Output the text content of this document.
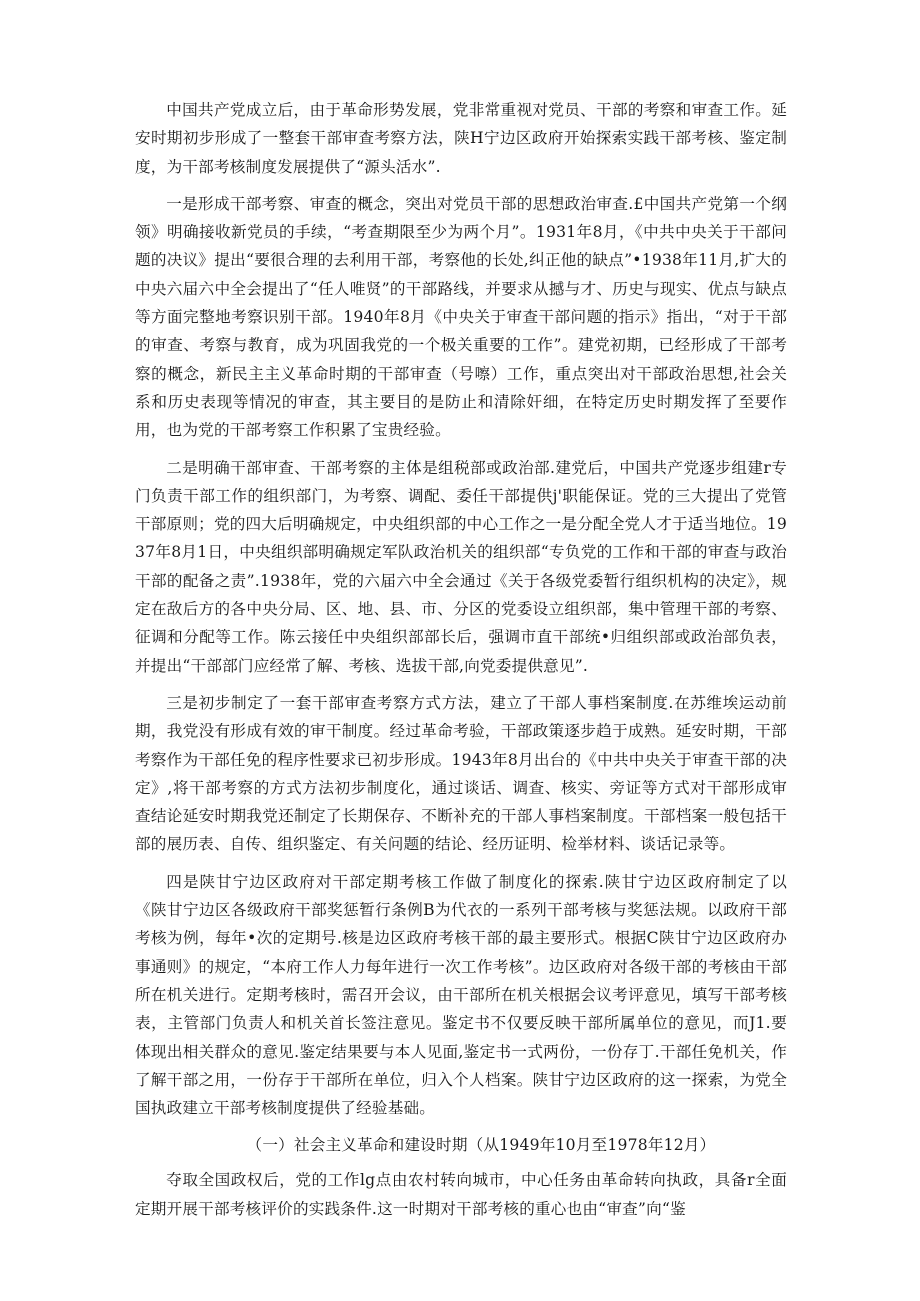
中国共产党成立后，由于革命形势发展，党非常重视对党员、干部的考察和审查工作。延安时期初步形成了一整套干部审查考察方法，陕H宁边区政府开始探索实践干部考核、鉴定制度，为干部考核制度发展提供了“源头活水”.

一是形成干部考察、审查的概念，突出对党员干部的思想政治审查.£中国共产党第一个纲领》明确接收新党员的手续，“考查期限至少为两个月”。1931年8月，《中共中央关于干部问题的决议》提出“要很合理的去利用干部，考察他的长处,纠正他的缺点”•1938年11月,扩大的中央六届六中全会提出了“任人唯贤”的干部路线，并要求从撼与才、历史与现实、优点与缺点等方面完整地考察识别干部。1940年8月《中央关于审查干部问题的指示》指出，“对于干部的审查、考察与教育，成为巩固我党的一个极关重要的工作”。建党初期，已经形成了干部考察的概念，新民主主义革命时期的干部审查（号嚓）工作，重点突出对干部政治思想,社会关系和历史表现等情况的审查，其主要目的是防止和清除奸细，在特定历史时期发挥了至要作用，也为党的干部考察工作积累了宝贵经验。

二是明确干部审查、干部考察的主体是组税部或政治部.建党后，中国共产党逐步组建r专门负责干部工作的组织部门，为考察、调配、委任干部提供j'职能保证。党的三大提出了党管干部原则；党的四大后明确规定，中央组织部的中心工作之一是分配全党人才于适当地位。1937年8月1日，中央组织部明确规定军队政治机关的组织部“专负党的工作和干部的审查与政治干部的配备之责”.1938年，党的六届六中全会通过《关于各级党委暂行组织机构的决定》，规定在敌后方的各中央分局、区、地、县、市、分区的党委设立组织部，集中管理干部的考察、征调和分配等工作。陈云接任中央组织部部长后，强调市直干部统•归组织部或政治部负表，并提出“干部部门应经常了解、考核、选拔干部,向党委提供意见”.

三是初步制定了一套干部审查考察方式方法，建立了干部人事档案制度.在苏维埃运动前期，我党没有形成有效的审干制度。经过革命考验，干部政策逐步趋于成熟。延安时期，干部考察作为干部任免的程序性要求已初步形成。1943年8月出台的《中共中央关于审查干部的决定》,将干部考察的方式方法初步制度化，通过谈话、调查、核实、旁证等方式对干部形成审查结论延安时期我党还制定了长期保存、不断补充的干部人事档案制度。干部档案一般包括干部的展历表、自传、组织鉴定、有关问题的结论、经历证明、检举材料、谈话记录等。

四是陕甘宁边区政府对干部定期考核工作做了制度化的探索.陕甘宁边区政府制定了以《陕甘宁边区各级政府干部奖惩暂行条例B为代衣的一系列干部考核与奖惩法规。以政府干部考核为例，每年•次的定期号.核是边区政府考核干部的最主要形式。根据C陕甘宁边区政府办事通则》的规定，“本府工作人力每年进行一次工作考核”。边区政府对各级干部的考核由干部所在机关进行。定期考核时，需召开会议，由干部所在机关根据会议考评意见，填写干部考核表，主管部门负责人和机关首长签注意见。鉴定书不仅要反映干部所属单位的意见，而J1.要体现出相关群众的意见.鉴定结果要与本人见面,鉴定书一式两份，一份存丁.干部任免机关，作了解干部之用，一份存于干部所在单位，归入个人档案。陕甘宁边区政府的这一探索，为党全国执政建立干部考核制度提供了经验基础。

（一）社会主义革命和建设时期（从1949年10月至1978年12月）

夺取全国政权后，党的工作lg点由农村转向城市，中心任务由革命转向执政，具备r全面定期开展干部考核评价的实践条件.这一时期对干部考核的重心也由“审查”向“鉴
